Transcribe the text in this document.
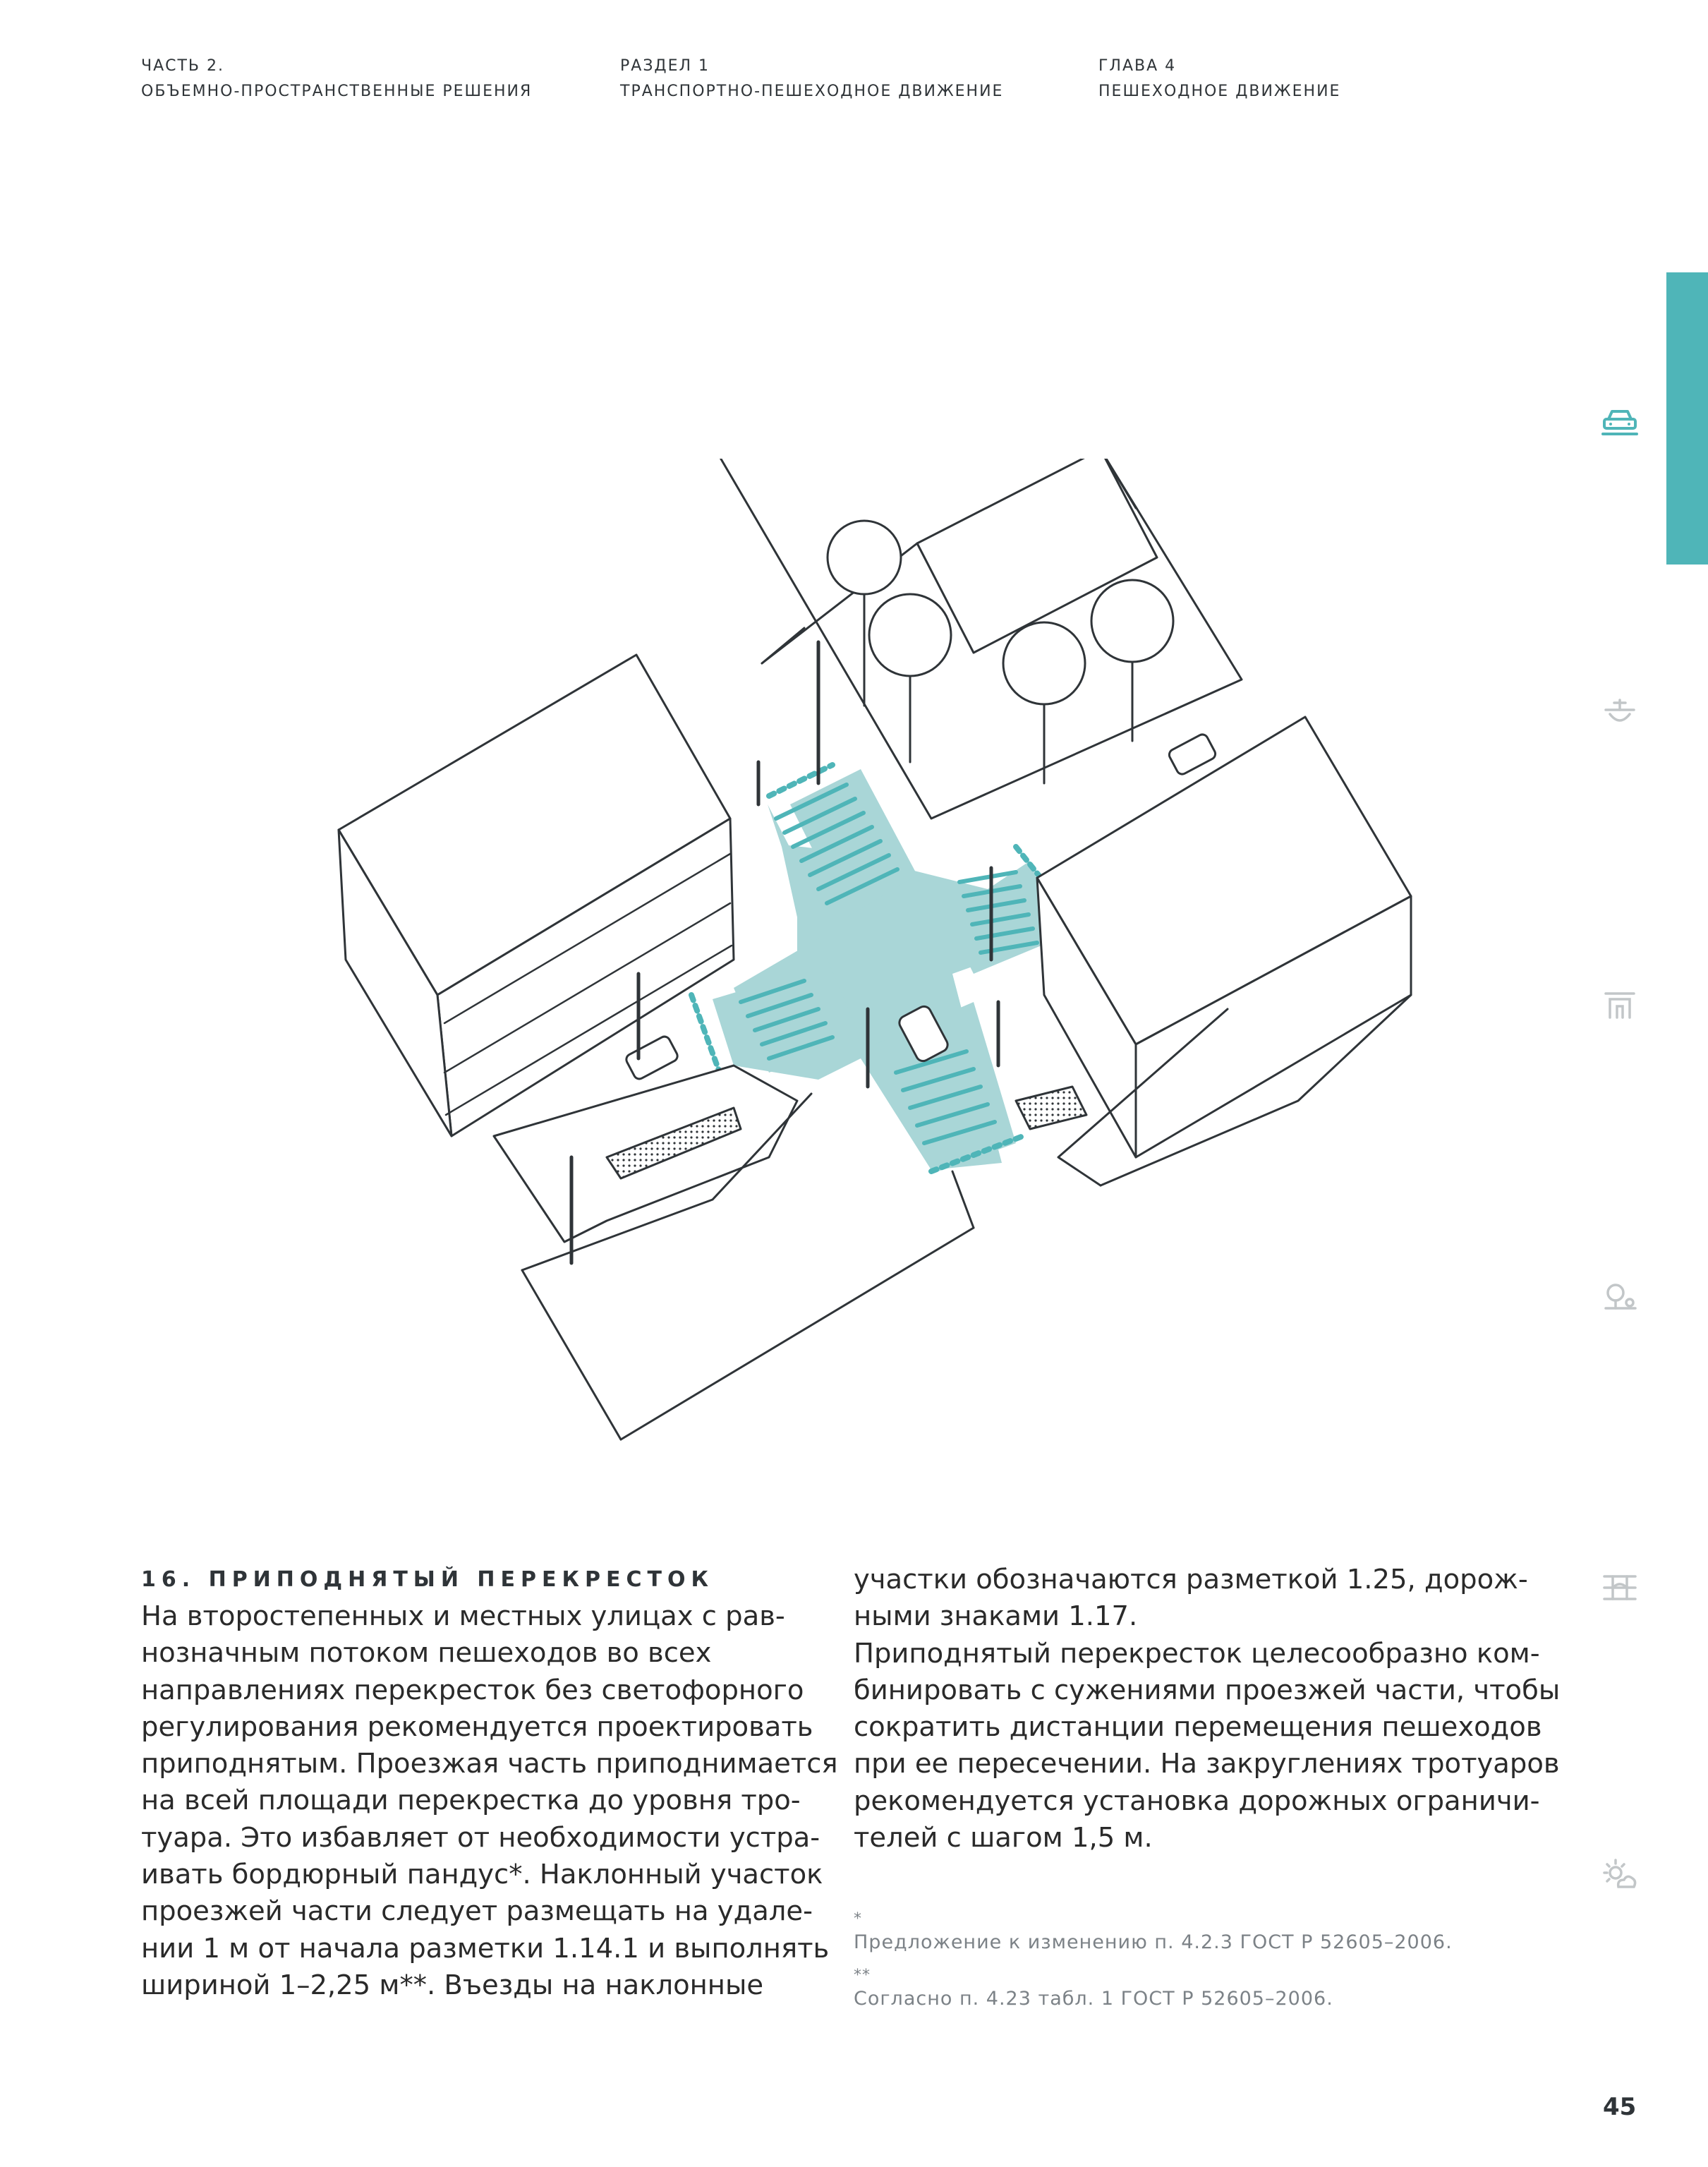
ЧАСТЬ 2.
ОБЪЕМНО-ПРОСТРАНСТВЕННЫЕ РЕШЕНИЯ
РАЗДЕЛ 1
ТРАНСПОРТНО-ПЕШЕХОДНОЕ ДВИЖЕНИЕ
ГЛАВА 4
ПЕШЕХОДНОЕ ДВИЖЕНИЕ
16. ПРИПОДНЯТЫЙ ПЕРЕКРЕСТОК

На второстепенных и местных улицах с рав-
нозначным потоком пешеходов во всех
направлениях перекресток без светофорного
регулирования рекомендуется проектировать
приподнятым. Проезжая часть приподнимается
на всей площади перекрестка до уровня тро-
туара. Это избавляет от необходимости устра-
ивать бордюрный пандус*. Наклонный участок
проезжей части следует размещать на удале-
нии 1 м от начала разметки 1.14.1 и выполнять
шириной 1–2,25 м**. Въезды на наклонные

участки обозначаются разметкой 1.25, дорож-
ными знаками 1.17.
Приподнятый перекресток целесообразно ком-
бинировать с сужениями проезжей части, чтобы
сократить дистанции перемещения пешеходов
при ее пересечении. На закруглениях тротуаров
рекомендуется установка дорожных ограничи-
телей с шагом 1,5 м.

*
Предложение к изменению п. 4.2.3 ГОСТ Р 52605–2006.
**
Согласно п. 4.23 табл. 1 ГОСТ Р 52605–2006.
45
